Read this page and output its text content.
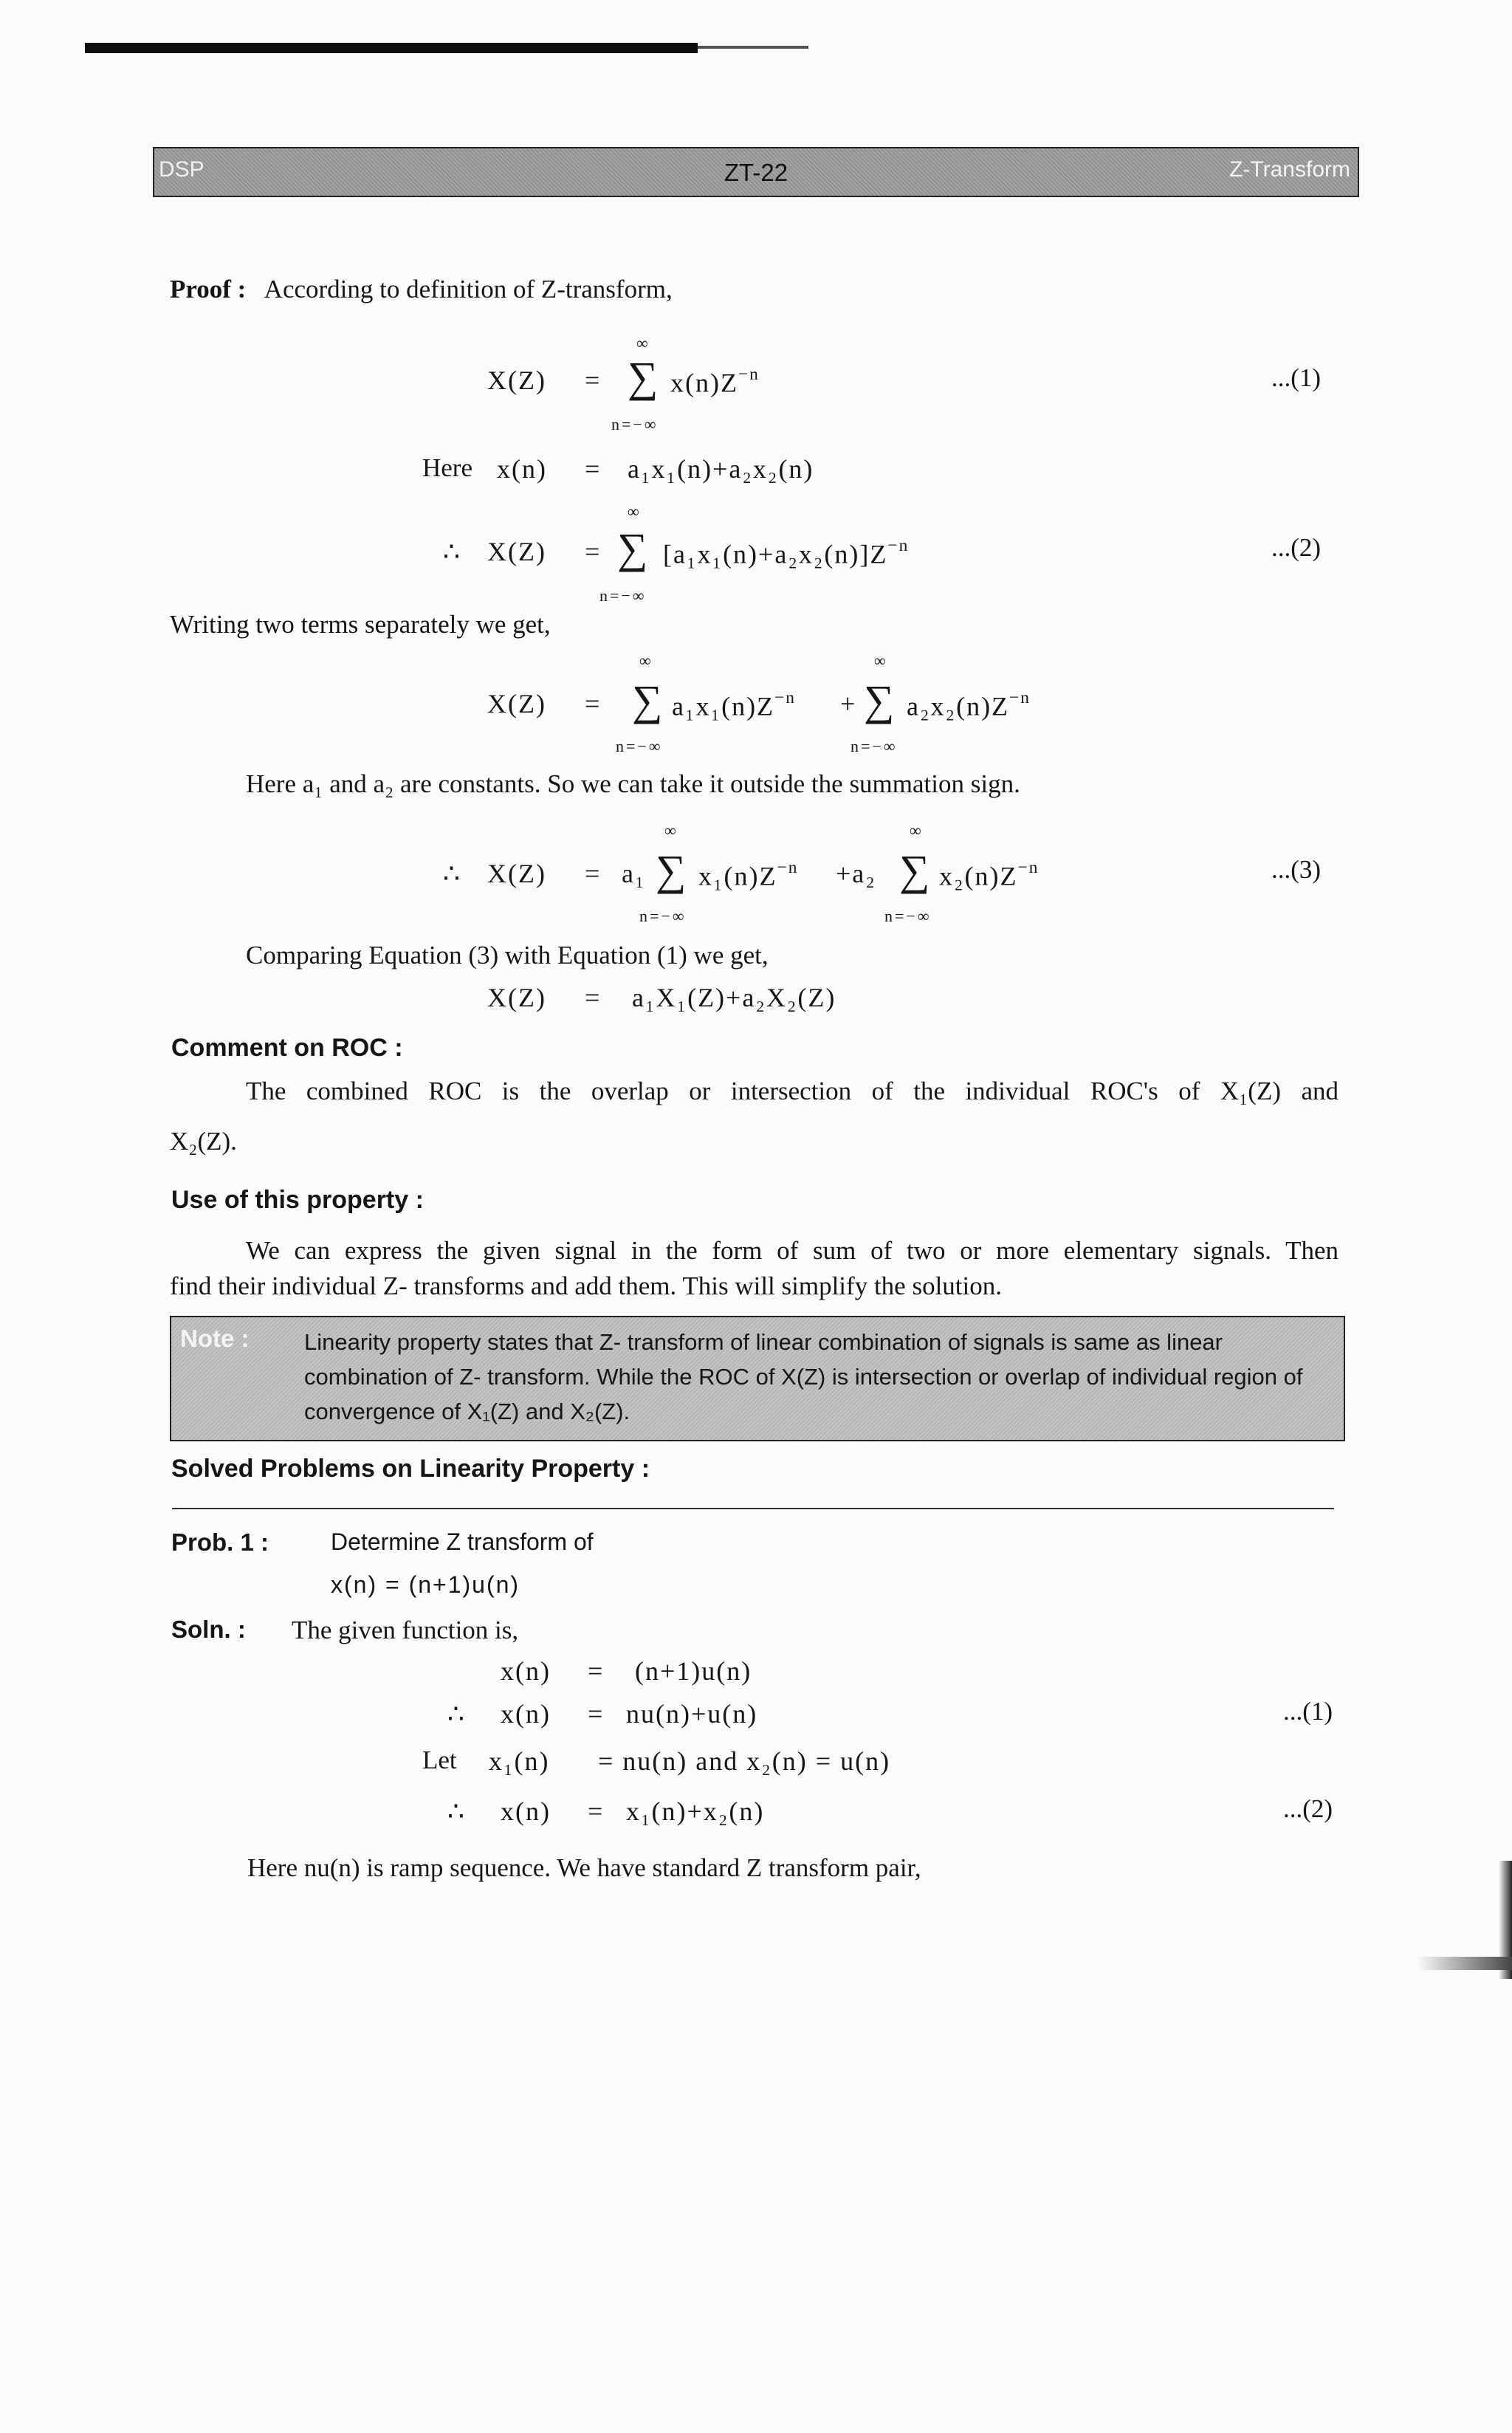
DSP	ZT-22	Z-Transform
Proof : According to definition of Z-transform,
∞
X(Z) = ∑ $x(n)Z^{-n}$
n=−∞
...(1)
Here x(n) = a₁x₁(n)+a₂x₂(n)
∞
∴ X(Z) = ∑ $[a_1x_1(n)+a_2x_2(n)]Z^{-n}$
n=−∞
...(2)
Writing two terms separately we get,
∞	∞
X(Z) = ∑ $a_1x_1(n)Z^{-n}$ + ∑ $a_2x_2(n)Z^{-n}$
n=−∞	n=−∞
Here a₁ and a₂ are constants. So we can take it outside the summation sign.
∞	∞
∴ X(Z) = a₁ ∑ $x_1(n)Z^{-n} +a_2$ ∑ $x_2(n)Z^{-n}$
n=−∞	n=−∞
...(3)
Comparing Equation (3) with Equation (1) we get,
X(Z) = a₁X₁(Z)+a₂X₂(Z)
Comment on ROC :
The combined ROC is the overlap or intersection of the individual ROC's of X₁(Z) and
X₂(Z).
Use of this property :
We can express the given signal in the form of sum of two or more elementary signals. Then
find their individual Z- transforms and add them. This will simplify the solution.
Note : Linearity property states that Z- transform of linear combination of signals is same as linear combination of Z- transform. While the ROC of X(Z) is intersection or overlap of individual region of convergence of X₁(Z) and X₂(Z).
Solved Problems on Linearity Property :
Prob. 1 :	Determine Z transform of
x(n) = (n+1)u(n)
Soln. : The given function is,
x(n) = (n+1)u(n)
∴ x(n) = nu(n)+u(n)	...(1)
Let x₁(n) = nu(n) and x₂(n) = u(n)
∴ x(n) = x₁(n)+x₂(n)	...(2)
Here nu(n) is ramp sequence. We have standard Z transform pair,
